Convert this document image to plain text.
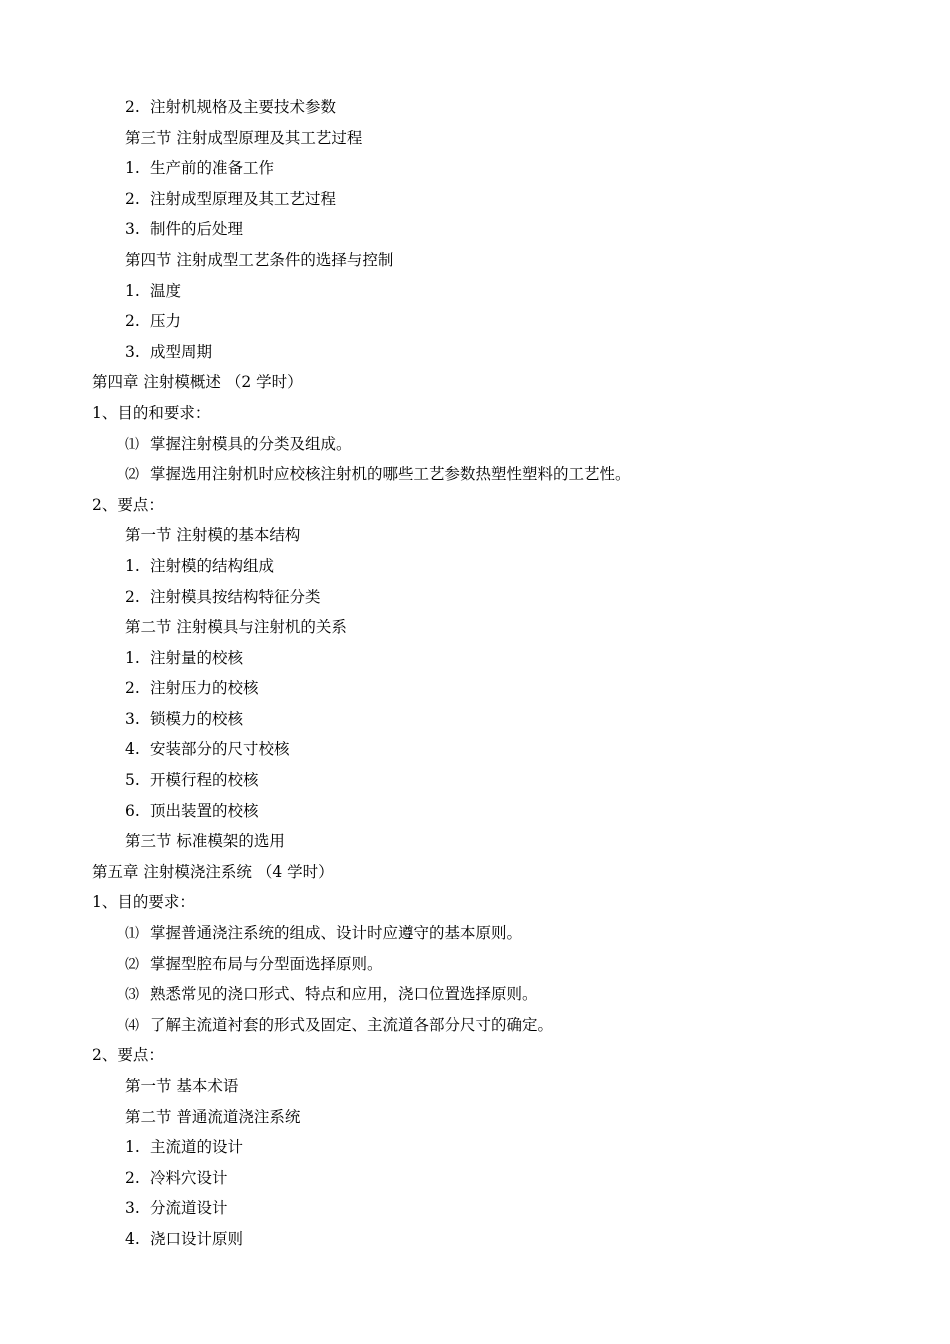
2. 注射机规格及主要技术参数
第三节 注射成型原理及其工艺过程
1. 生产前的准备工作
2. 注射成型原理及其工艺过程
3. 制件的后处理
第四节 注射成型工艺条件的选择与控制
1. 温度
2. 压力
3. 成型周期
第四章 注射模概述 （2 学时）
1、目的和要求：
⑴ 掌握注射模具的分类及组成。
⑵ 掌握选用注射机时应校核注射机的哪些工艺参数热塑性塑料的工艺性。
2、要点：
第一节 注射模的基本结构
1. 注射模的结构组成
2. 注射模具按结构特征分类
第二节 注射模具与注射机的关系
1. 注射量的校核
2. 注射压力的校核
3. 锁模力的校核
4. 安装部分的尺寸校核
5. 开模行程的校核
6. 顶出装置的校核
第三节 标准模架的选用
第五章 注射模浇注系统 （4 学时）
1、目的要求：
⑴ 掌握普通浇注系统的组成、设计时应遵守的基本原则。
⑵ 掌握型腔布局与分型面选择原则。
⑶ 熟悉常见的浇口形式、特点和应用，浇口位置选择原则。
⑷ 了解主流道衬套的形式及固定、主流道各部分尺寸的确定。
2、要点：
第一节 基本术语
第二节 普通流道浇注系统
1. 主流道的设计
2. 冷料穴设计
3. 分流道设计
4. 浇口设计原则
